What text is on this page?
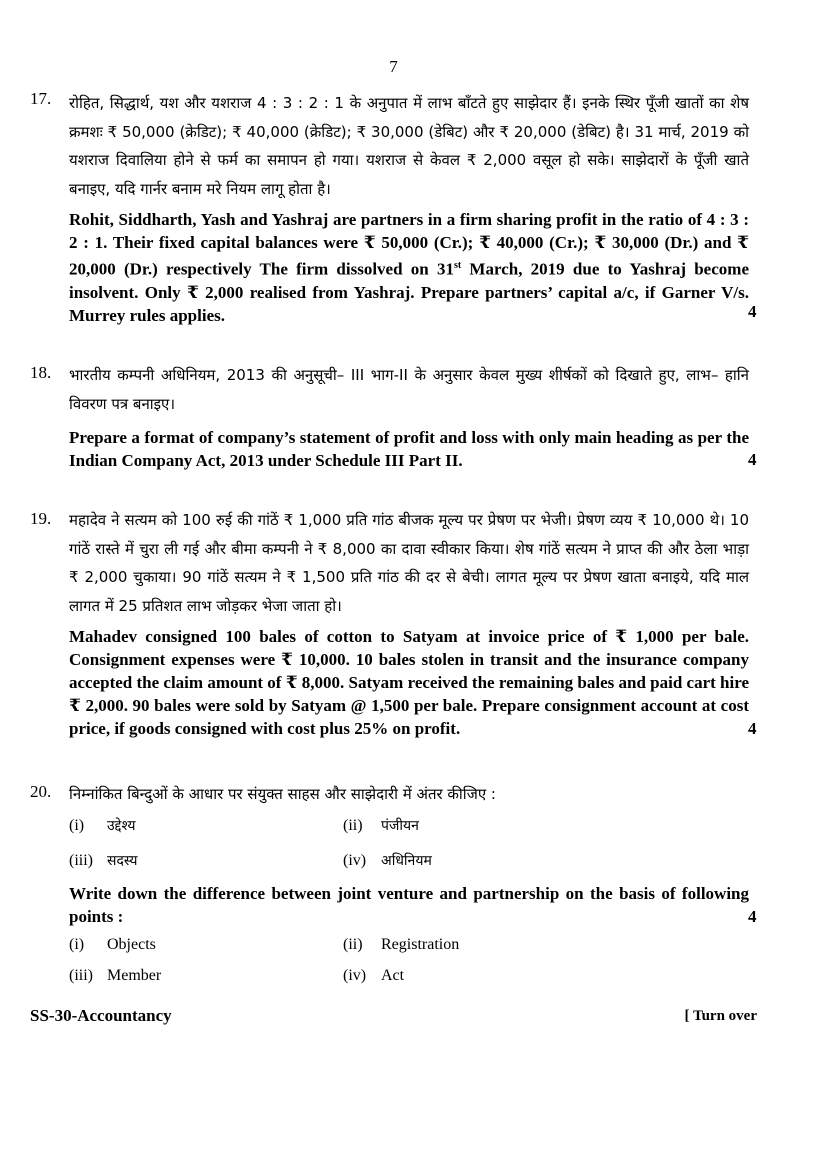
7
17. रोहित, सिद्धार्थ, यश और यशराज 4 : 3 : 2 : 1 के अनुपात में लाभ बाँटते हुए साझेदार हैं। इनके स्थिर पूँजी खातों का शेष क्रमशः ₹ 50,000 (क्रेडिट); ₹ 40,000 (क्रेडिट); ₹ 30,000 (डेबिट) और ₹ 20,000 (डेबिट) है। 31 मार्च, 2019 को यशराज दिवालिया होने से फर्म का समापन हो गया। यशराज से केवल ₹ 2,000 वसूल हो सके। साझेदारों के पूँजी खाते बनाइए, यदि गार्नर बनाम मरे नियम लागू होता है।
Rohit, Siddharth, Yash and Yashraj are partners in a firm sharing profit in the ratio of 4 : 3 : 2 : 1. Their fixed capital balances were ₹ 50,000 (Cr.); ₹ 40,000 (Cr.); ₹ 30,000 (Dr.) and ₹ 20,000 (Dr.) respectively The firm dissolved on 31st March, 2019 due to Yashraj become insolvent. Only ₹ 2,000 realised from Yashraj. Prepare partners’ capital a/c, if Garner V/s. Murrey rules applies.	4
18. भारतीय कम्पनी अधिनियम, 2013 की अनुसूची– III भाग-II के अनुसार केवल मुख्य शीर्षकों को दिखाते हुए, लाभ– हानि विवरण पत्र बनाइए।
Prepare a format of company’s statement of profit and loss with only main heading as per the Indian Company Act, 2013 under Schedule III Part II.	4
19. महादेव ने सत्यम को 100 रुई की गांठें ₹ 1,000 प्रति गांठ बीजक मूल्य पर प्रेषण पर भेजी। प्रेषण व्यय ₹ 10,000 थे। 10 गांठें रास्ते में चुरा ली गई और बीमा कम्पनी ने ₹ 8,000 का दावा स्वीकार किया। शेष गांठें सत्यम ने प्राप्त की और ठेला भाड़ा ₹ 2,000 चुकाया। 90 गांठें सत्यम ने ₹ 1,500 प्रति गांठ की दर से बेची। लागत मूल्य पर प्रेषण खाता बनाइये, यदि माल लागत में 25 प्रतिशत लाभ जोड़कर भेजा जाता हो।
Mahadev consigned 100 bales of cotton to Satyam at invoice price of ₹ 1,000 per bale. Consignment expenses were ₹ 10,000. 10 bales stolen in transit and the insurance company accepted the claim amount of ₹ 8,000. Satyam received the remaining bales and paid cart hire ₹ 2,000. 90 bales were sold by Satyam @ 1,500 per bale. Prepare consignment account at cost price, if goods consigned with cost plus 25% on profit.	4
20. निम्नांकित बिन्दुओं के आधार पर संयुक्त साहस और साझेदारी में अंतर कीजिए :
(i) उद्देश्य	(ii) पंजीयन
(iii) सदस्य	(iv) अधिनियम
Write down the difference between joint venture and partnership on the basis of following points :	4
(i) Objects	(ii) Registration
(iii) Member	(iv) Act
SS-30-Accountancy	[ Turn over
